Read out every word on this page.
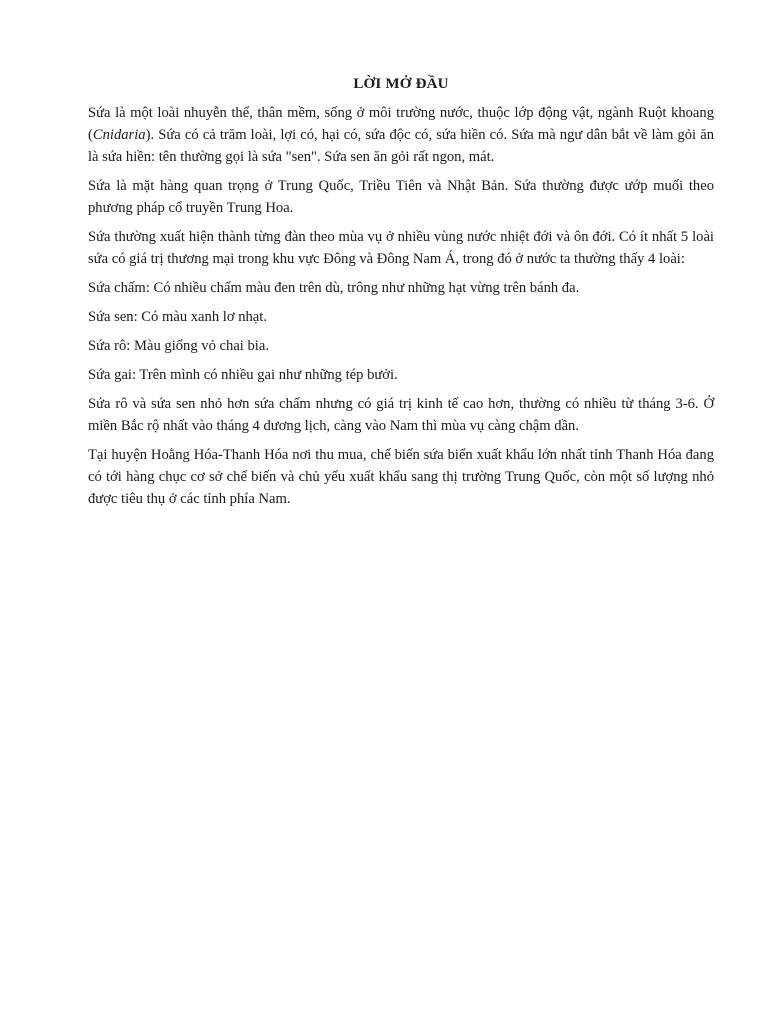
LỜI MỞ ĐẦU

Sứa là một loài nhuyễn thể, thân mềm, sống ở môi trường nước, thuộc lớp động vật, ngành Ruột khoang (Cnidaria). Sứa có cả trăm loài, lợi có, hại có, sứa độc có, sứa hiền có. Sứa mà ngư dân bắt về làm gỏi ăn là sứa hiền: tên thường gọi là sứa "sen". Sứa sen ăn gỏi rất ngon, mát.

Sứa là mặt hàng quan trọng ở Trung Quốc, Triều Tiên và Nhật Bản. Sứa thường được ướp muối theo phương pháp cổ truyền Trung Hoa.

Sứa thường xuất hiện thành từng đàn theo mùa vụ ở nhiều vùng nước nhiệt đới và ôn đới. Có ít nhất 5 loài sứa có giá trị thương mại trong khu vực Đông và Đông Nam Á, trong đó ở nước ta thường thấy 4 loài:

Sứa chấm: Có nhiều chấm màu đen trên dù, trông như những hạt vừng trên bánh đa.

Sứa sen: Có màu xanh lơ nhạt.

Sứa rô: Màu giống vỏ chai bia.

Sứa gai: Trên mình có nhiều gai như những tép bưởi.

Sứa rô và sứa sen nhỏ hơn sứa chấm nhưng có giá trị kinh tế cao hơn, thường có nhiều từ tháng 3-6. Ở miền Bắc rộ nhất vào tháng 4 dương lịch, càng vào Nam thì mùa vụ càng chậm dần.

Tại huyện Hoằng Hóa-Thanh Hóa nơi thu mua, chế biến sứa biển xuất khẩu lớn nhất tỉnh Thanh Hóa đang có tới hàng chục cơ sở chế biến và chủ yếu xuất khẩu sang thị trường Trung Quốc, còn một số lượng nhỏ được tiêu thụ ở các tỉnh phía Nam.
